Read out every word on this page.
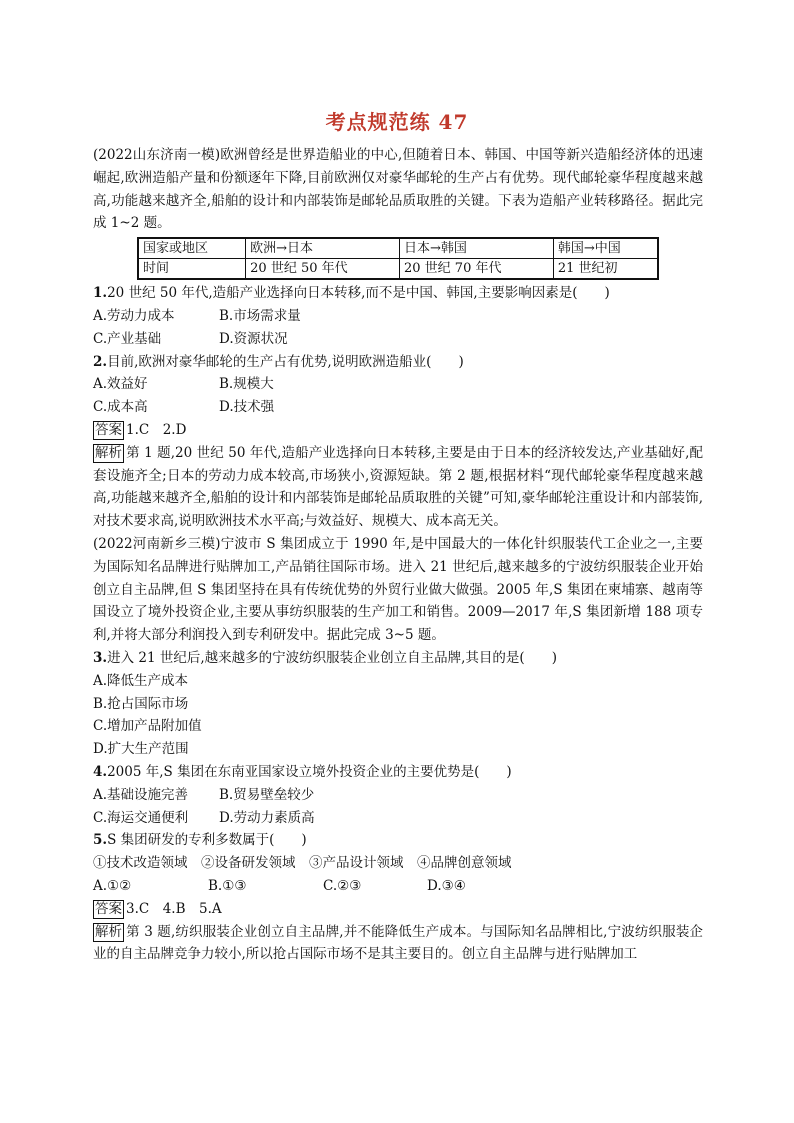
考点规范练 47

(2022山东济南一模)欧洲曾经是世界造船业的中心,但随着日本、韩国、中国等新兴造船经济体的迅速崛起,欧洲造船产量和份额逐年下降,目前欧洲仅对豪华邮轮的生产占有优势。现代邮轮豪华程度越来越高,功能越来越齐全,船舶的设计和内部装饰是邮轮品质取胜的关键。下表为造船产业转移路径。据此完成 1~2 题。

国家或地区	欧洲→日本	日本→韩国	韩国→中国
时间	20 世纪 50 年代	20 世纪 70 年代	21 世纪初

1.20 世纪 50 年代,造船产业选择向日本转移,而不是中国、韩国,主要影响因素是(　　)

A.劳动力成本	B.市场需求量
C.产业基础	D.资源状况

2.目前,欧洲对豪华邮轮的生产占有优势,说明欧洲造船业(　　)

A.效益好	B.规模大
C.成本高	D.技术强

答案 1.C　2.D

解析 第 1 题,20 世纪 50 年代,造船产业选择向日本转移,主要是由于日本的经济较发达,产业基础好,配套设施齐全;日本的劳动力成本较高,市场狭小,资源短缺。第 2 题,根据材料“现代邮轮豪华程度越来越高,功能越来越齐全,船舶的设计和内部装饰是邮轮品质取胜的关键”可知,豪华邮轮注重设计和内部装饰,对技术要求高,说明欧洲技术水平高;与效益好、规模大、成本高无关。

(2022河南新乡三模)宁波市 S 集团成立于 1990 年,是中国最大的一体化针织服装代工企业之一,主要为国际知名品牌进行贴牌加工,产品销往国际市场。进入 21 世纪后,越来越多的宁波纺织服装企业开始创立自主品牌,但 S 集团坚持在具有传统优势的外贸行业做大做强。2005 年,S 集团在柬埔寨、越南等国设立了境外投资企业,主要从事纺织服装的生产加工和销售。2009—2017 年,S 集团新增 188 项专利,并将大部分利润投入到专利研发中。据此完成 3~5 题。

3.进入 21 世纪后,越来越多的宁波纺织服装企业创立自主品牌,其目的是(　　)

A.降低生产成本
B.抢占国际市场
C.增加产品附加值
D.扩大生产范围

4.2005 年,S 集团在东南亚国家设立境外投资企业的主要优势是(　　)

A.基础设施完善 B.贸易壁垒较少
C.海运交通便利 D.劳动力素质高

5.S 集团研发的专利多数属于(　　)

①技术改造领域　②设备研发领域　③产品设计领域　④品牌创意领域
A.①②	B.①③	C.②③	D.③④

答案 3.C　4.B　5.A

解析 第 3 题,纺织服装企业创立自主品牌,并不能降低生产成本。与国际知名品牌相比,宁波纺织服装企业的自主品牌竞争力较小,所以抢占国际市场不是其主要目的。创立自主品牌与进行贴牌加工
